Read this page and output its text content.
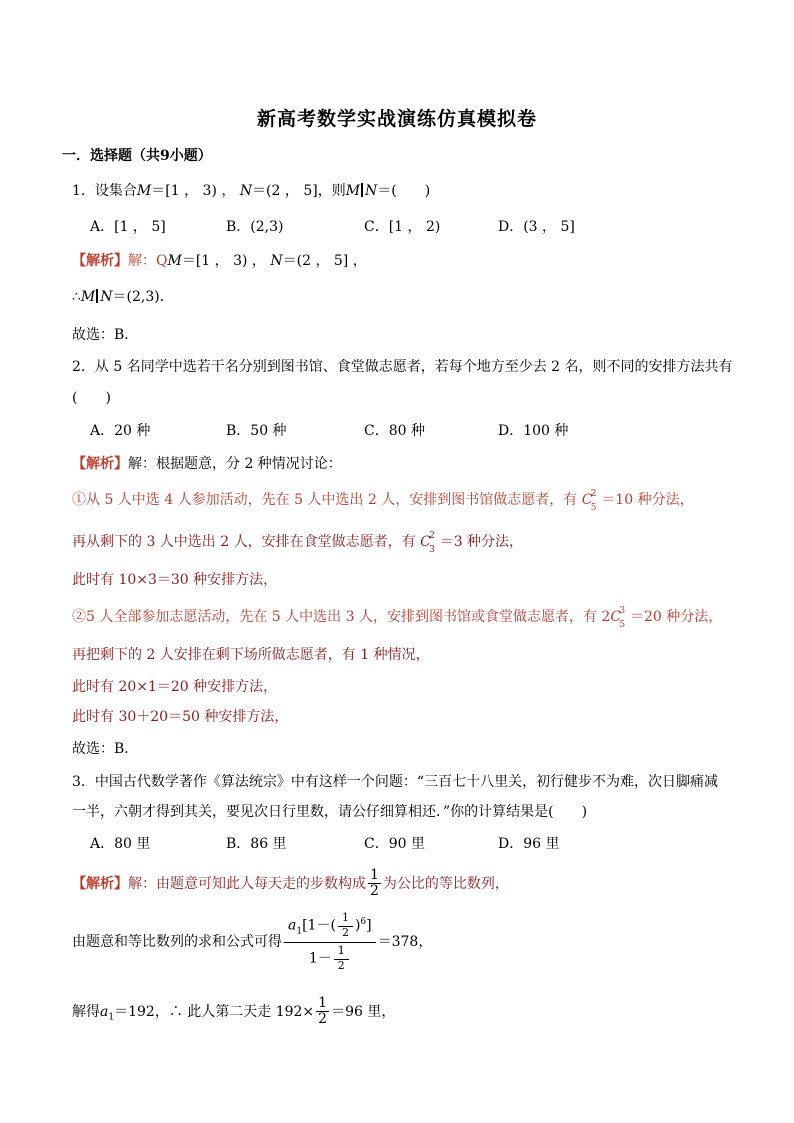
新高考数学实战演练仿真模拟卷
一．选择题（共9小题）
1．设集合M＝[1 ， 3) ， N＝(2 ， 5]，则M N＝(　　)
A．[1 ， 5]	B．(2,3)	C．[1 ， 2)	D．(3 ， 5]
【解析】解：QM＝[1 ， 3) ， N＝(2 ， 5] ，
∴M N＝(2,3)．
故选：B．
2．从 5 名同学中选若干名分别到图书馆、食堂做志愿者，若每个地方至少去 2 名，则不同的安排方法共有
(　　)
A．20 种	B．50 种	C．80 种	D．100 种
【解析】解：根据题意，分 2 种情况讨论：
①从 5 人中选 4 人参加活动，先在 5 人中选出 2 人，安排到图书馆做志愿者，有 C
2
5 ＝10 种分法，
再从剩下的 3 人中选出 2 人，安排在食堂做志愿者，有 C
2
3 ＝3 种分法，
此时有 10×3＝30 种安排方法，
②5 人全部参加志愿活动，先在 5 人中选出 3 人，安排到图书馆或食堂做志愿者，有 2C
3
5 ＝20 种分法，
再把剩下的 2 人安排在剩下场所做志愿者，有 1 种情况，
此时有 20×1＝20 种安排方法，
此时有 30＋20＝50 种安排方法，
故选：B．
3．中国古代数学著作《算法统宗》中有这样一个问题：“三百七十八里关，初行健步不为难，次日脚痛减
一半，六朝才得到其关，要见次日行里数，请公仔细算相还．”你的计算结果是(　　)
A．80 里	B．86 里	C．90 里	D．96 里
【解析】解：由题意可知此人每天走的步数构成 $\frac{1}{2}$ 为公比的等比数列，
由题意和等比数列的求和公式可得 $\frac{a_1[1-( \frac{1}{2} )^6]}{1- \frac{1}{2}} =378$，
解得$a_1=192$，∴ 此人第二天走 $192\times \frac{1}{2} =96$ 里，
